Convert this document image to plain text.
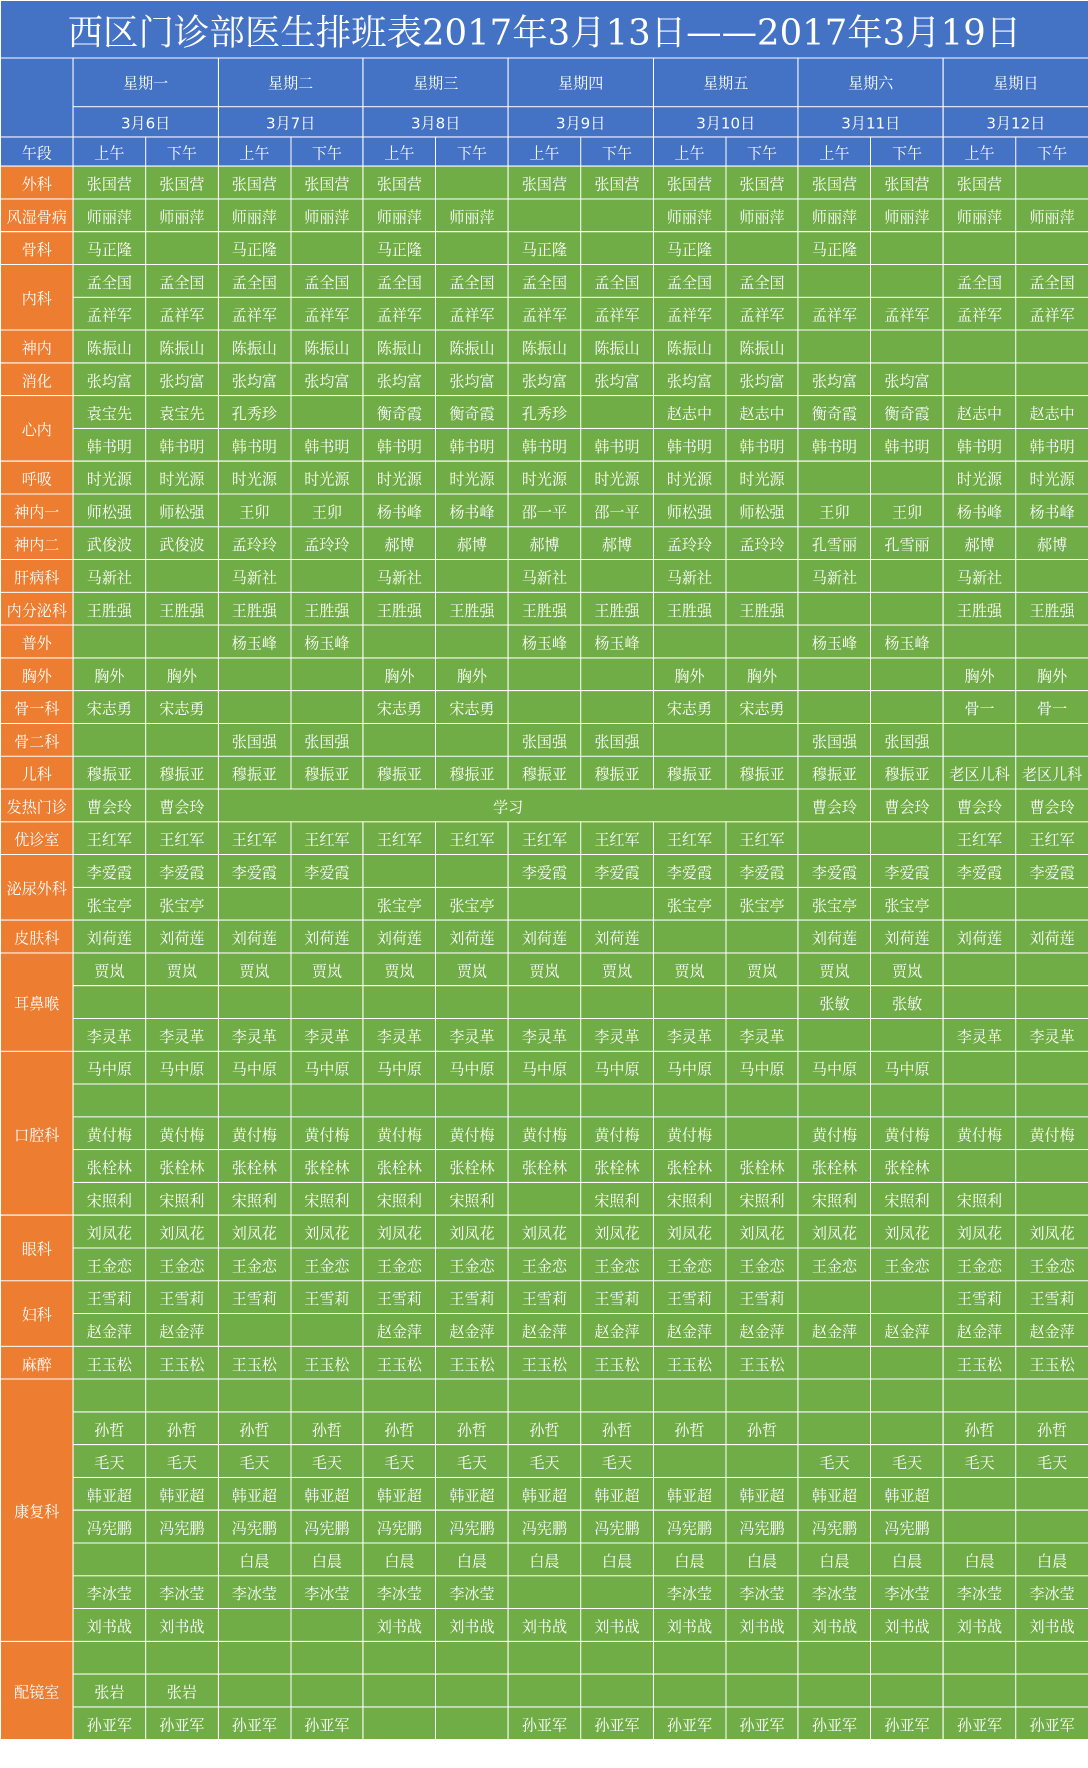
西区门诊部医生排班表2017年3月13日——2017年3月19日														
	星期一		星期二		星期三		星期四		星期五		星期六		星期日	
	3月6日		3月7日		3月8日		3月9日		3月10日		3月11日		3月12日	
午段	上午	下午	上午	下午	上午	下午	上午	下午	上午	下午	上午	下午	上午	下午
外科	张国营	张国营	张国营	张国营	张国营		张国营	张国营	张国营	张国营	张国营	张国营	张国营	
风湿骨病	师丽萍	师丽萍	师丽萍	师丽萍	师丽萍	师丽萍			师丽萍	师丽萍	师丽萍	师丽萍	师丽萍	师丽萍
骨科	马正隆		马正隆		马正隆		马正隆		马正隆		马正隆			
内科	孟全国	孟全国	孟全国	孟全国	孟全国	孟全国	孟全国	孟全国	孟全国	孟全国			孟全国	孟全国
	孟祥军	孟祥军	孟祥军	孟祥军	孟祥军	孟祥军	孟祥军	孟祥军	孟祥军	孟祥军	孟祥军	孟祥军	孟祥军	孟祥军
神内	陈振山	陈振山	陈振山	陈振山	陈振山	陈振山	陈振山	陈振山	陈振山	陈振山				
消化	张均富	张均富	张均富	张均富	张均富	张均富	张均富	张均富	张均富	张均富	张均富	张均富		
心内	袁宝先	袁宝先	孔秀珍		衡奇霞	衡奇霞	孔秀珍		赵志中	赵志中	衡奇霞	衡奇霞	赵志中	赵志中
	韩书明	韩书明	韩书明	韩书明	韩书明	韩书明	韩书明	韩书明	韩书明	韩书明	韩书明	韩书明	韩书明	韩书明
呼吸	时光源	时光源	时光源	时光源	时光源	时光源	时光源	时光源	时光源	时光源			时光源	时光源
神内一	师松强	师松强	王卯	王卯	杨书峰	杨书峰	邵一平	邵一平	师松强	师松强	王卯	王卯	杨书峰	杨书峰
神内二	武俊波	武俊波	孟玲玲	孟玲玲	郝博	郝博	郝博	郝博	孟玲玲	孟玲玲	孔雪丽	孔雪丽	郝博	郝博
肝病科	马新社		马新社		马新社		马新社		马新社		马新社		马新社	
内分泌科	王胜强	王胜强	王胜强	王胜强	王胜强	王胜强	王胜强	王胜强	王胜强	王胜强			王胜强	王胜强
普外			杨玉峰	杨玉峰			杨玉峰	杨玉峰			杨玉峰	杨玉峰		
胸外	胸外	胸外			胸外	胸外			胸外	胸外			胸外	胸外
骨一科	宋志勇	宋志勇			宋志勇	宋志勇			宋志勇	宋志勇			骨一	骨一
骨二科			张国强	张国强			张国强	张国强			张国强	张国强		
儿科	穆振亚	穆振亚	穆振亚	穆振亚	穆振亚	穆振亚	穆振亚	穆振亚	穆振亚	穆振亚	穆振亚	穆振亚	老区儿科	老区儿科
发热门诊	曹会玲	曹会玲	学习								曹会玲	曹会玲	曹会玲	曹会玲
优诊室	王红军	王红军	王红军	王红军	王红军	王红军	王红军	王红军	王红军	王红军			王红军	王红军
泌尿外科	李爱霞	李爱霞	李爱霞	李爱霞			李爱霞	李爱霞	李爱霞	李爱霞	李爱霞	李爱霞	李爱霞	李爱霞
	张宝亭	张宝亭			张宝亭	张宝亭			张宝亭	张宝亭	张宝亭	张宝亭		
皮肤科	刘荷莲	刘荷莲	刘荷莲	刘荷莲	刘荷莲	刘荷莲	刘荷莲	刘荷莲			刘荷莲	刘荷莲	刘荷莲	刘荷莲
耳鼻喉	贾岚	贾岚	贾岚	贾岚	贾岚	贾岚	贾岚	贾岚	贾岚	贾岚	贾岚	贾岚		
											张敏	张敏		
	李灵革	李灵革	李灵革	李灵革	李灵革	李灵革	李灵革	李灵革	李灵革	李灵革			李灵革	李灵革
口腔科	马中原	马中原	马中原	马中原	马中原	马中原	马中原	马中原	马中原	马中原	马中原	马中原		

	黄付梅	黄付梅	黄付梅	黄付梅	黄付梅	黄付梅	黄付梅	黄付梅	黄付梅		黄付梅	黄付梅	黄付梅	黄付梅
	张栓林	张栓林	张栓林	张栓林	张栓林	张栓林	张栓林	张栓林	张栓林	张栓林	张栓林	张栓林		
	宋照利	宋照利	宋照利	宋照利	宋照利	宋照利		宋照利	宋照利	宋照利	宋照利	宋照利	宋照利	
眼科	刘凤花	刘凤花	刘凤花	刘凤花	刘凤花	刘凤花	刘凤花	刘凤花	刘凤花	刘凤花	刘凤花	刘凤花	刘凤花	刘凤花
	王金恋	王金恋	王金恋	王金恋	王金恋	王金恋	王金恋	王金恋	王金恋	王金恋	王金恋	王金恋	王金恋	王金恋
妇科	王雪莉	王雪莉	王雪莉	王雪莉	王雪莉	王雪莉	王雪莉	王雪莉	王雪莉	王雪莉			王雪莉	王雪莉
	赵金萍	赵金萍			赵金萍	赵金萍	赵金萍	赵金萍	赵金萍	赵金萍	赵金萍	赵金萍	赵金萍	赵金萍
麻醉	王玉松	王玉松	王玉松	王玉松	王玉松	王玉松	王玉松	王玉松	王玉松	王玉松			王玉松	王玉松
康复科														
	孙哲	孙哲	孙哲	孙哲	孙哲	孙哲	孙哲	孙哲	孙哲	孙哲			孙哲	孙哲
	毛天	毛天	毛天	毛天	毛天	毛天	毛天	毛天			毛天	毛天	毛天	毛天
	韩亚超	韩亚超	韩亚超	韩亚超	韩亚超	韩亚超	韩亚超	韩亚超	韩亚超	韩亚超	韩亚超	韩亚超		
	冯宪鹏	冯宪鹏	冯宪鹏	冯宪鹏	冯宪鹏	冯宪鹏	冯宪鹏	冯宪鹏	冯宪鹏	冯宪鹏	冯宪鹏	冯宪鹏		
			白晨	白晨	白晨	白晨	白晨	白晨	白晨	白晨	白晨	白晨	白晨	白晨
	李冰莹	李冰莹	李冰莹	李冰莹	李冰莹	李冰莹			李冰莹	李冰莹	李冰莹	李冰莹	李冰莹	李冰莹
	刘书战	刘书战			刘书战	刘书战	刘书战	刘书战	刘书战	刘书战	刘书战	刘书战	刘书战	刘书战
配镜室														
	张岩	张岩												
	孙亚军	孙亚军	孙亚军	孙亚军			孙亚军	孙亚军	孙亚军	孙亚军	孙亚军	孙亚军	孙亚军	孙亚军
